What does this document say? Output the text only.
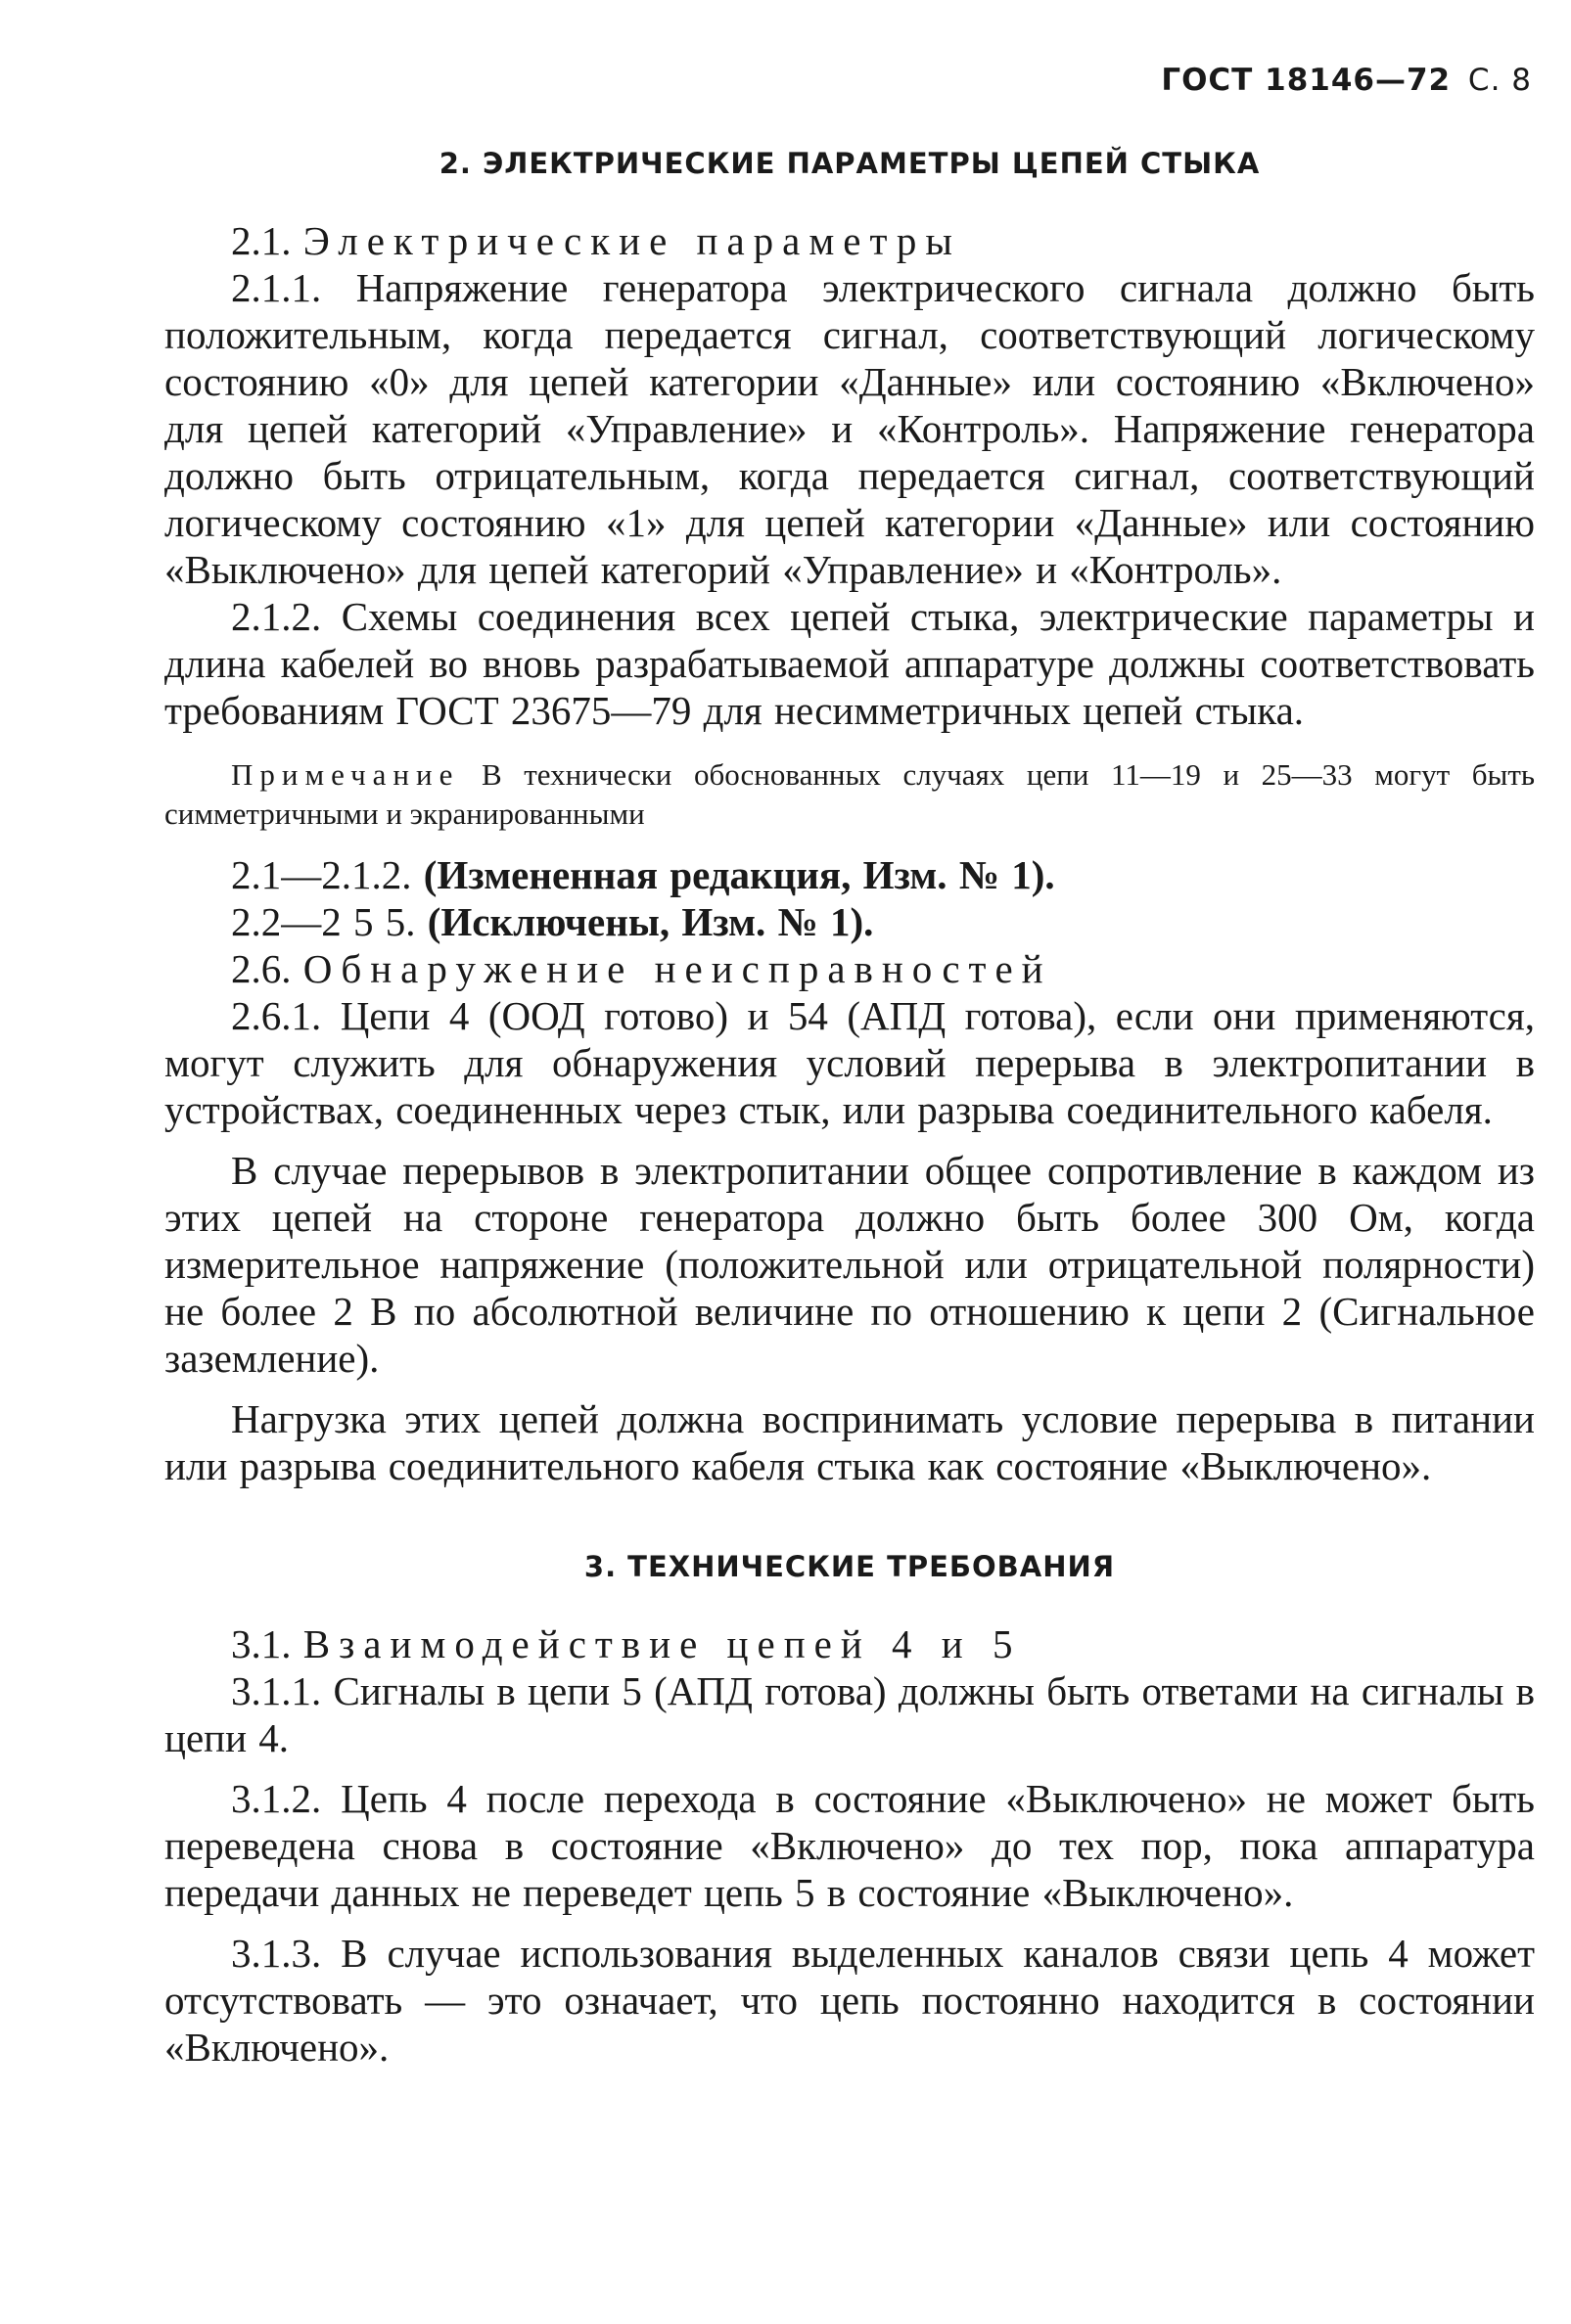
ГОСТ 18146—72 С. 8
2. ЭЛЕКТРИЧЕСКИЕ ПАРАМЕТРЫ ЦЕПЕЙ СТЫКА

2.1. Электрические параметры

2.1.1. Напряжение генератора электрического сигнала должно быть положительным, когда передается сигнал, соответствующий логическому состоянию «0» для цепей категории «Данные» или состоянию «Включено» для цепей категорий «Управление» и «Контроль». Напряжение генератора должно быть отрицательным, когда передается сигнал, соответствующий логическому состоянию «1» для цепей категории «Данные» или состоянию «Выключено» для цепей категорий «Управление» и «Контроль».

2.1.2. Схемы соединения всех цепей стыка, электрические параметры и длина кабелей во вновь разрабатываемой аппаратуре должны соответствовать требованиям ГОСТ 23675—79 для несимметричных цепей стыка.

Примечание В технически обоснованных случаях цепи 11—19 и 25—33 могут быть симметричными и экранированными

2.1—2.1.2. (Измененная редакция, Изм. № 1).

2.2—2 5 5. (Исключены, Изм. № 1).

2.6. Обнаружение неисправностей

2.6.1. Цепи 4 (ООД готово) и 54 (АПД готова), если они применяются, могут служить для обнаружения условий перерыва в электропитании в устройствах, соединенных через стык, или разрыва соединительного кабеля.

В случае перерывов в электропитании общее сопротивление в каждом из этих цепей на стороне генератора должно быть более 300 Ом, когда измерительное напряжение (положительной или отрицательной полярности) не более 2 В по абсолютной величине по отношению к цепи 2 (Сигнальное заземление).

Нагрузка этих цепей должна воспринимать условие перерыва в питании или разрыва соединительного кабеля стыка как состояние «Выключено».

3. ТЕХНИЧЕСКИЕ ТРЕБОВАНИЯ

3.1. Взаимодействие цепей 4 и 5

3.1.1. Сигналы в цепи 5 (АПД готова) должны быть ответами на сигналы в цепи 4.

3.1.2. Цепь 4 после перехода в состояние «Выключено» не может быть переведена снова в состояние «Включено» до тех пор, пока аппаратура передачи данных не переведет цепь 5 в состояние «Выключено».

3.1.3. В случае использования выделенных каналов связи цепь 4 может отсутствовать — это означает, что цепь постоянно находится в состоянии «Включено».
